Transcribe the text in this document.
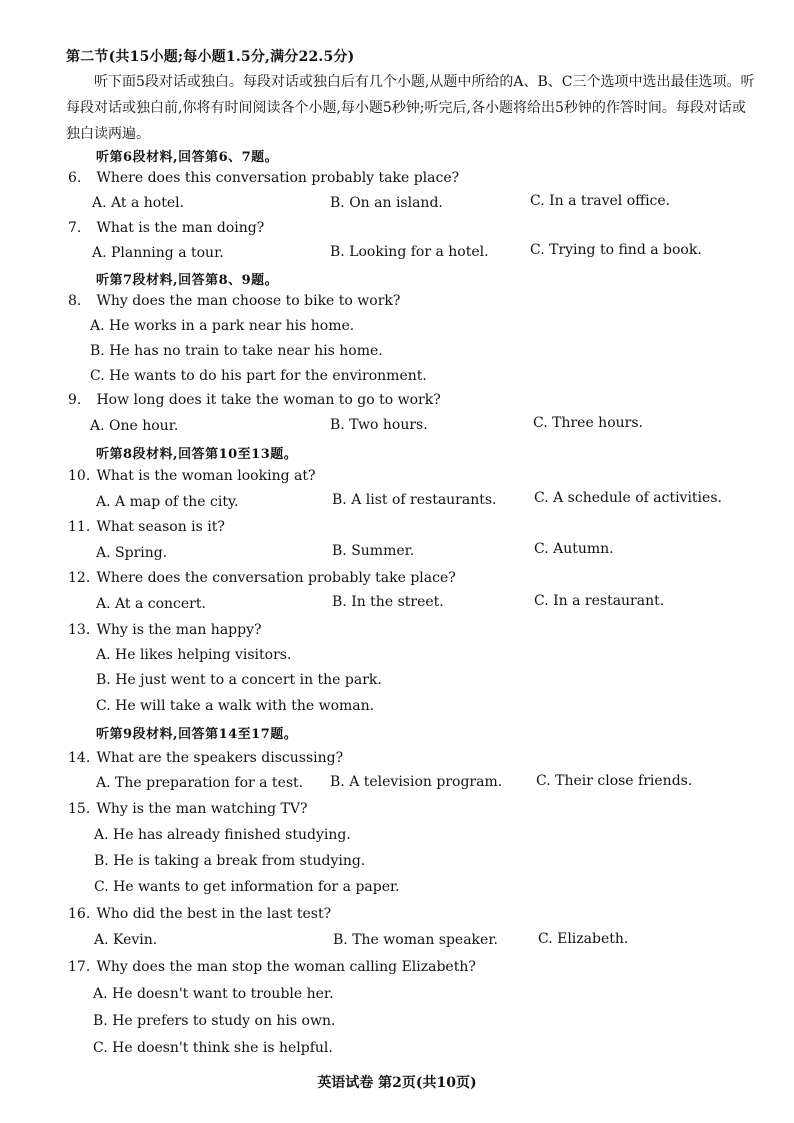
第二节(共15小题;每小题1.5分,满分22.5分)
听下面5段对话或独白。每段对话或独白后有几个小题,从题中所给的A、B、C三个选项中选出最佳选项。听每段对话或独白前,你将有时间阅读各个小题,每小题5秒钟;听完后,各小题将给出5秒钟的作答时间。每段对话或独白读两遍。
听第6段材料,回答第6、7题。
6. Where does this conversation probably take place?
A. At a hotel.	B. On an island.	C. In a travel office.
7. What is the man doing?
A. Planning a tour.	B. Looking for a hotel.	C. Trying to find a book.
听第7段材料,回答第8、9题。
8. Why does the man choose to bike to work?
A. He works in a park near his home.
B. He has no train to take near his home.
C. He wants to do his part for the environment.
9. How long does it take the woman to go to work?
A. One hour.	B. Two hours.	C. Three hours.
听第8段材料,回答第10至13题。
10. What is the woman looking at?
A. A map of the city.	B. A list of restaurants.	C. A schedule of activities.
11. What season is it?
A. Spring.	B. Summer.	C. Autumn.
12. Where does the conversation probably take place?
A. At a concert.	B. In the street.	C. In a restaurant.
13. Why is the man happy?
A. He likes helping visitors.
B. He just went to a concert in the park.
C. He will take a walk with the woman.
听第9段材料,回答第14至17题。
14. What are the speakers discussing?
A. The preparation for a test. B. A television program. C. Their close friends.
15. Why is the man watching TV?
A. He has already finished studying.
B. He is taking a break from studying.
C. He wants to get information for a paper.
16. Who did the best in the last test?
A. Kevin.	B. The woman speaker.	C. Elizabeth.
17. Why does the man stop the woman calling Elizabeth?
A. He doesn't want to trouble her.
B. He prefers to study on his own.
C. He doesn't think she is helpful.
英语试卷 第2页(共10页)
